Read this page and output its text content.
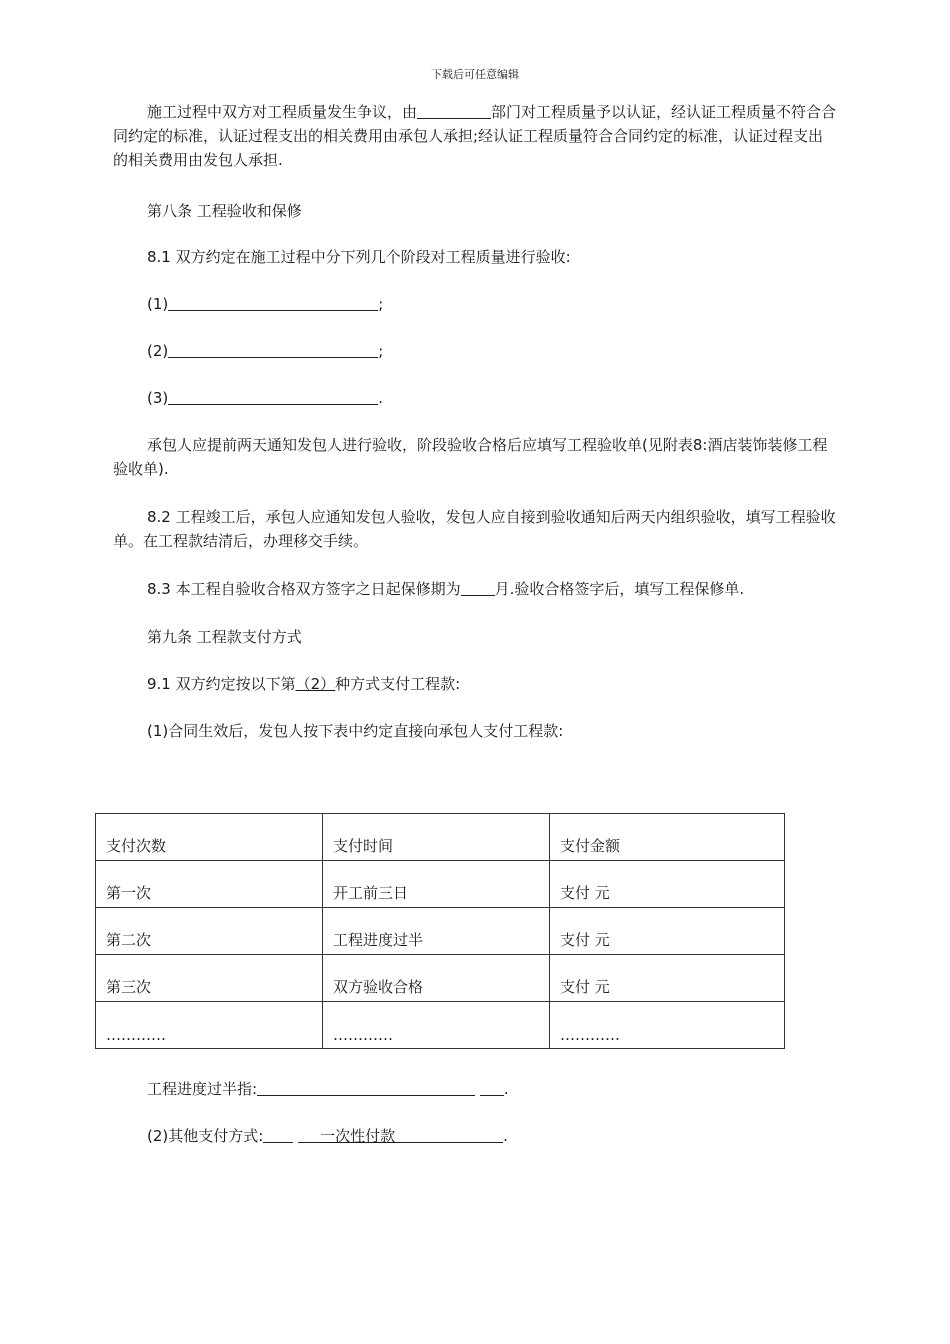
下载后可任意编辑

施工过程中双方对工程质量发生争议，由	部门对工程质量予以认证，经认证工程质量不符合合同约定的标准，认证过程支出的相关费用由承包人承担;经认证工程质量符合合同约定的标准，认证过程支出的相关费用由发包人承担.

第八条 工程验收和保修

8.1 双方约定在施工过程中分下列几个阶段对工程质量进行验收:

(1)	;

(2)	;

(3)	.

承包人应提前两天通知发包人进行验收，阶段验收合格后应填写工程验收单(见附表8:酒店装饰装修工程验收单).

8.2 工程竣工后，承包人应通知发包人验收，发包人应自接到验收通知后两天内组织验收，填写工程验收单。在工程款结清后，办理移交手续。

8.3 本工程自验收合格双方签字之日起保修期为 月.验收合格签字后，填写工程保修单.

第九条 工程款支付方式

9.1 双方约定按以下第（2）种方式支付工程款:

(1)合同生效后，发包人按下表中约定直接向承包人支付工程款:

支付次数	支付时间	支付金额
第一次	开工前三日	支付 元
第二次	工程进度过半	支付 元
第三次	双方验收合格	支付 元
…………	…………	…………

工程进度过半指:	.

(2)其他支付方式:	一次性付款	.
